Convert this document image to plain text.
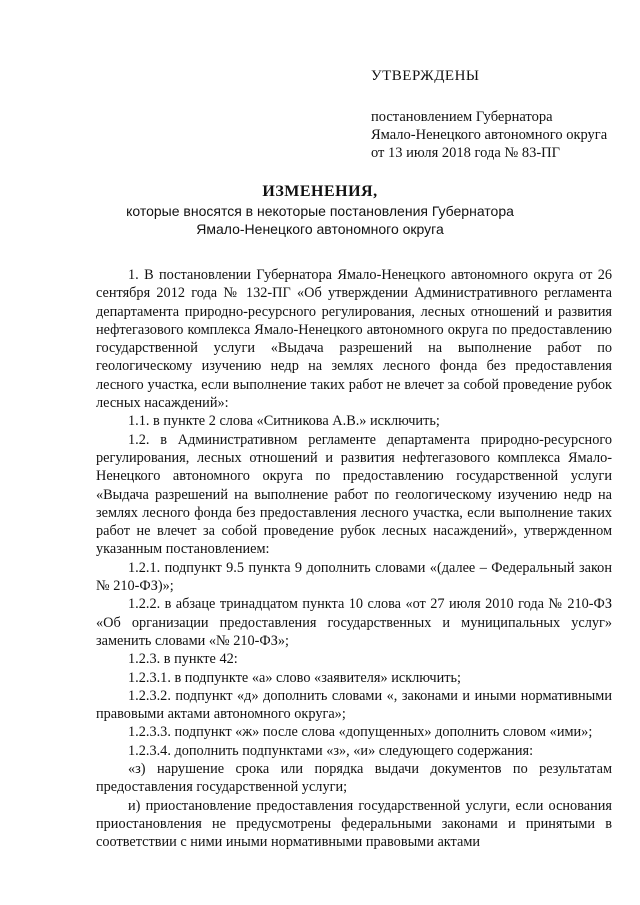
УТВЕРЖДЕНЫ
постановлением Губернатора
Ямало-Ненецкого автономного округа
от 13 июля 2018 года № 83-ПГ
ИЗМЕНЕНИЯ,
которые вносятся в некоторые постановления Губернатора
Ямало-Ненецкого автономного округа

1. В постановлении Губернатора Ямало-Ненецкого автономного округа от 26 сентября 2012 года № 132-ПГ «Об утверждении Административного регламента департамента природно-ресурсного регулирования, лесных отношений и развития нефтегазового комплекса Ямало-Ненецкого автономного округа по предоставлению государственной услуги «Выдача разрешений на выполнение работ по геологическому изучению недр на землях лесного фонда без предоставления лесного участка, если выполнение таких работ не влечет за собой проведение рубок лесных насаждений»:

1.1. в пункте 2 слова «Ситникова А.В.» исключить;

1.2. в Административном регламенте департамента природно-ресурсного регулирования, лесных отношений и развития нефтегазового комплекса Ямало-Ненецкого автономного округа по предоставлению государственной услуги «Выдача разрешений на выполнение работ по геологическому изучению недр на землях лесного фонда без предоставления лесного участка, если выполнение таких работ не влечет за собой проведение рубок лесных насаждений», утвержденном указанным постановлением:

1.2.1. подпункт 9.5 пункта 9 дополнить словами «(далее – Федеральный закон № 210-ФЗ)»;

1.2.2. в абзаце тринадцатом пункта 10 слова «от 27 июля 2010 года № 210-ФЗ «Об организации предоставления государственных и муниципальных услуг» заменить словами «№ 210-ФЗ»;

1.2.3. в пункте 42:

1.2.3.1. в подпункте «а» слово «заявителя» исключить;

1.2.3.2. подпункт «д» дополнить словами «, законами и иными нормативными правовыми актами автономного округа»;

1.2.3.3. подпункт «ж» после слова «допущенных» дополнить словом «ими»;

1.2.3.4. дополнить подпунктами «з», «и» следующего содержания:

«з) нарушение срока или порядка выдачи документов по результатам предоставления государственной услуги;

и) приостановление предоставления государственной услуги, если основания приостановления не предусмотрены федеральными законами и принятыми в соответствии с ними иными нормативными правовыми актами
